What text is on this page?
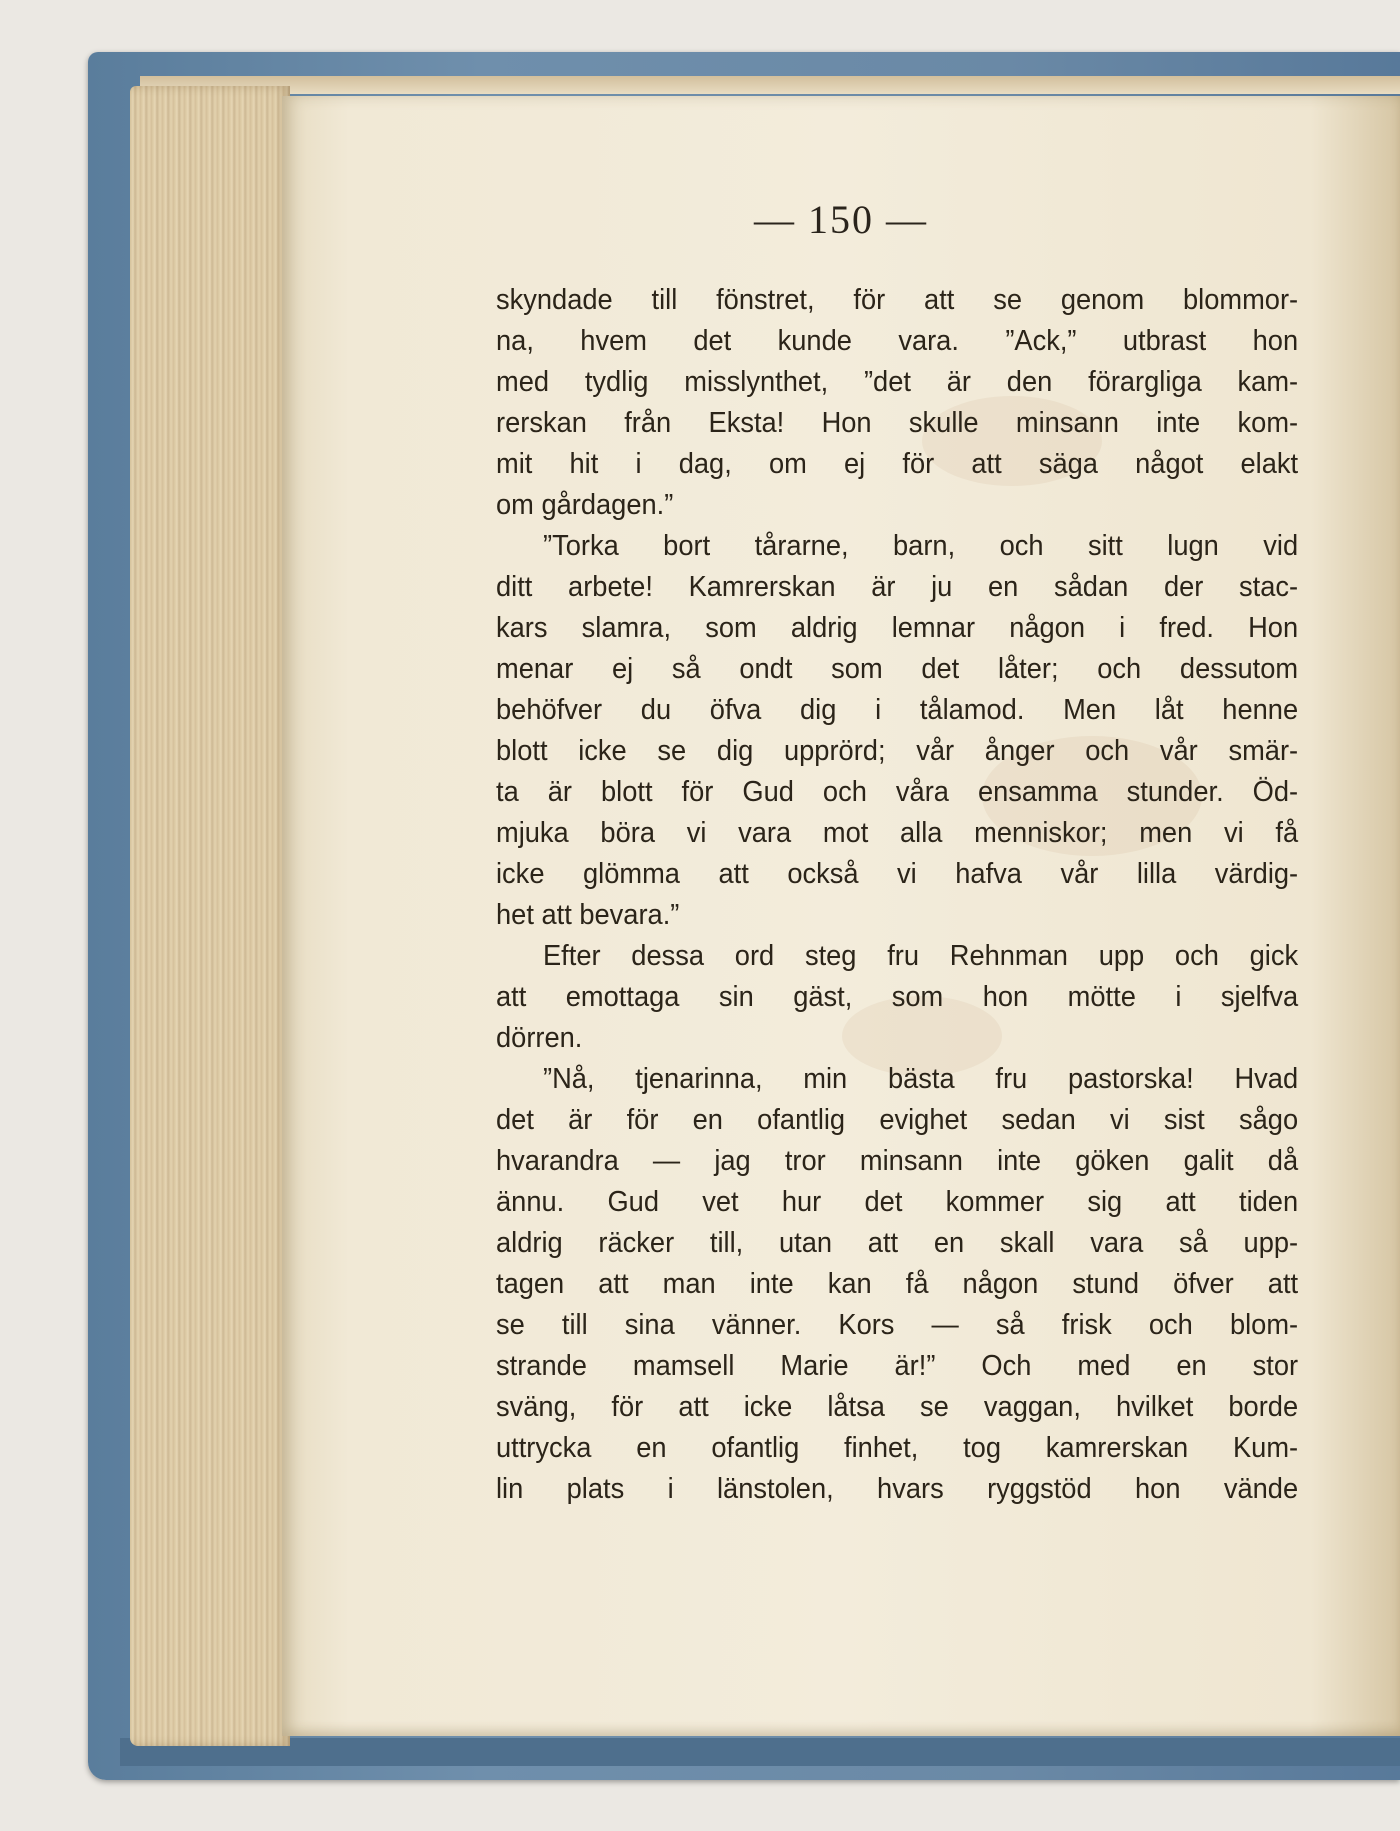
— 150 —
skyndade till fönstret, för att se genom blommor-
na, hvem det kunde vara. ”Ack,” utbrast hon
med tydlig misslynthet, ”det är den förargliga kam-
rerskan från Eksta! Hon skulle minsann inte kom-
mit hit i dag, om ej för att säga något elakt
om gårdagen.”
”Torka bort tårarne, barn, och sitt lugn vid
ditt arbete! Kamrerskan är ju en sådan der stac-
kars slamra, som aldrig lemnar någon i fred. Hon
menar ej så ondt som det låter; och dessutom
behöfver du öfva dig i tålamod. Men låt henne
blott icke se dig upprörd; vår ånger och vår smär-
ta är blott för Gud och våra ensamma stunder. Öd-
mjuka böra vi vara mot alla menniskor; men vi få
icke glömma att också vi hafva vår lilla värdig-
het att bevara.”
Efter dessa ord steg fru Rehnman upp och gick
att emottaga sin gäst, som hon mötte i sjelfva
dörren.
”Nå, tjenarinna, min bästa fru pastorska! Hvad
det är för en ofantlig evighet sedan vi sist sågo
hvarandra — jag tror minsann inte göken galit då
ännu. Gud vet hur det kommer sig att tiden
aldrig räcker till, utan att en skall vara så upp-
tagen att man inte kan få någon stund öfver att
se till sina vänner. Kors — så frisk och blom-
strande mamsell Marie är!” Och med en stor
sväng, för att icke låtsa se vaggan, hvilket borde
uttrycka en ofantlig finhet, tog kamrerskan Kum-
lin plats i länstolen, hvars ryggstöd hon vände
